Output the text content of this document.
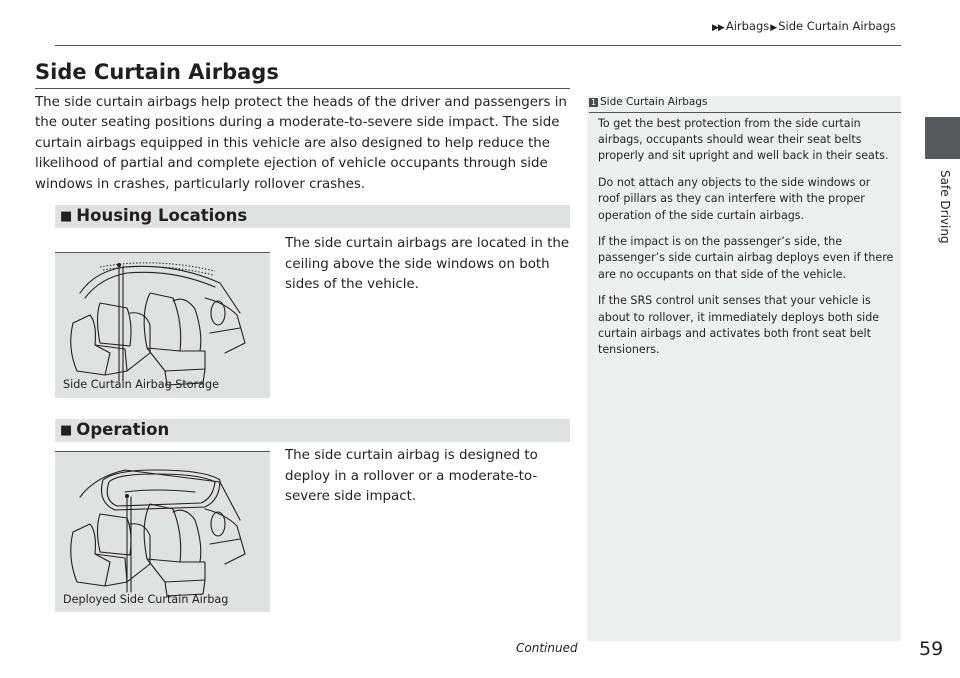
▶▶ Airbags▶Side Curtain Airbags
Safe Driving
Side Curtain Airbags
The side curtain airbags help protect the heads of the driver and passengers in the outer seating positions during a moderate-to-severe side impact. The side curtain airbags equipped in this vehicle are also designed to help reduce the likelihood of partial and complete ejection of vehicle occupants through side windows in crashes, particularly rollover crashes.
■ Housing Locations
The side curtain airbags are located in the ceiling above the side windows on both sides of the vehicle.
Side Curtain Airbag Storage
■ Operation
The side curtain airbag is designed to deploy in a rollover or a moderate-to-severe side impact.
Deployed Side Curtain Airbag
1 Side Curtain Airbags

To get the best protection from the side curtain airbags, occupants should wear their seat belts properly and sit upright and well back in their seats.

Do not attach any objects to the side windows or roof pillars as they can interfere with the proper operation of the side curtain airbags.

If the impact is on the passenger’s side, the passenger’s side curtain airbag deploys even if there are no occupants on that side of the vehicle.

If the SRS control unit senses that your vehicle is about to rollover, it immediately deploys both side curtain airbags and activates both front seat belt tensioners.

Continued	59
